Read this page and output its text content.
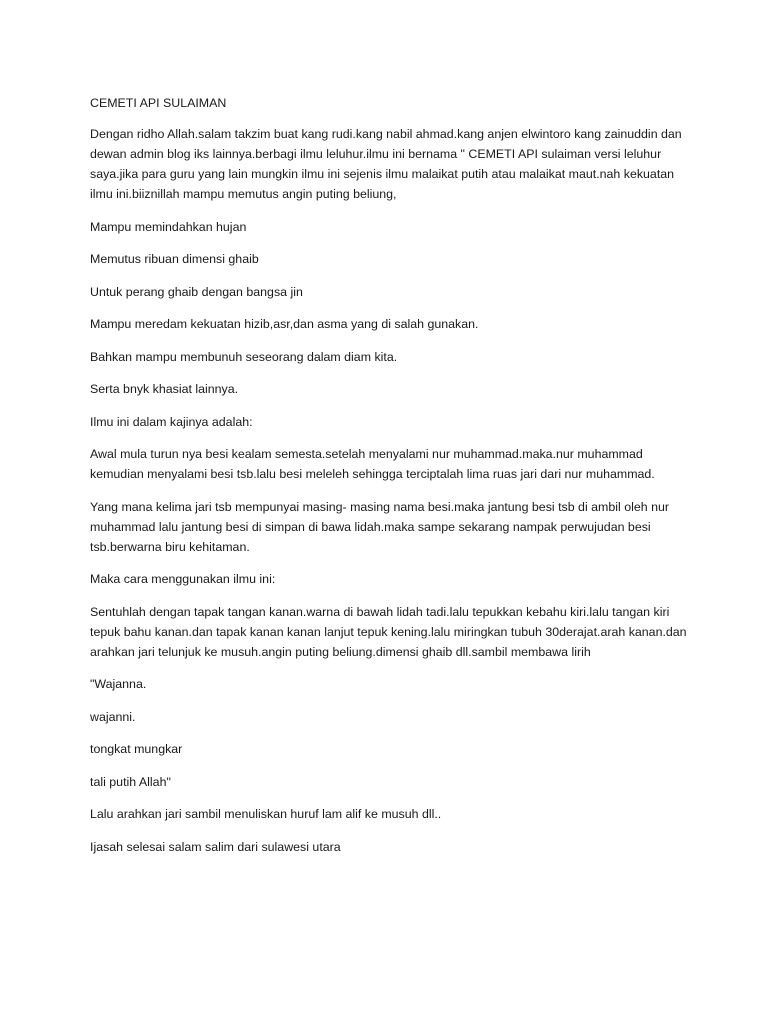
CEMETI API SULAIMAN

Dengan ridho Allah.salam takzim buat kang rudi.kang nabil ahmad.kang anjen elwintoro kang zainuddin dan dewan admin blog iks lainnya.berbagi ilmu leluhur.ilmu ini bernama " CEMETI API sulaiman versi leluhur saya.jika para guru yang lain mungkin ilmu ini sejenis ilmu malaikat putih atau malaikat maut.nah kekuatan ilmu ini.biiznillah mampu memutus angin puting beliung,

Mampu memindahkan hujan

Memutus ribuan dimensi ghaib

Untuk perang ghaib dengan bangsa jin

Mampu meredam kekuatan hizib,asr,dan asma yang di salah gunakan.

Bahkan mampu membunuh seseorang dalam diam kita.

Serta bnyk khasiat lainnya.

Ilmu ini dalam kajinya adalah:

Awal mula turun nya besi kealam semesta.setelah menyalami nur muhammad.maka.nur muhammad kemudian menyalami besi tsb.lalu besi meleleh sehingga terciptalah lima ruas jari dari nur muhammad.

Yang mana kelima jari tsb mempunyai masing- masing nama besi.maka jantung besi tsb di ambil oleh nur muhammad lalu jantung besi di simpan di bawa lidah.maka sampe sekarang nampak perwujudan besi tsb.berwarna biru kehitaman.

Maka cara menggunakan ilmu ini:

Sentuhlah dengan tapak tangan kanan.warna di bawah lidah tadi.lalu tepukkan kebahu kiri.lalu tangan kiri tepuk bahu kanan.dan tapak kanan kanan lanjut tepuk kening.lalu miringkan tubuh 30derajat.arah kanan.dan arahkan jari telunjuk ke musuh.angin puting beliung.dimensi ghaib dll.sambil membawa lirih

"Wajanna.

wajanni.

tongkat mungkar

tali putih Allah"

Lalu arahkan jari sambil menuliskan huruf lam alif ke musuh dll..

Ijasah selesai salam salim dari sulawesi utara
